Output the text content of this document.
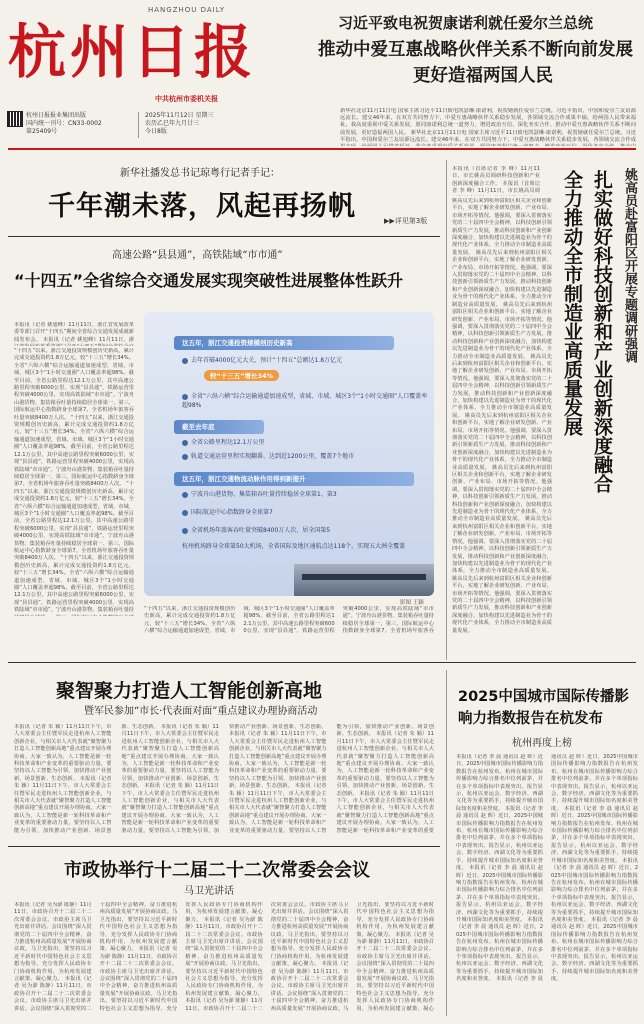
HANGZHOU DAILY
杭州日报
中共杭州市委机关报
习近平致电祝贺康诺利就任爱尔兰总统
推动中爱互惠战略伙伴关系不断向前发展
更好造福两国人民
杭州日报报业集团出版
国内统一刊号：CN33-0002
第25409号
2025年11月12日 星期三
农历乙巳年九月廿三
今日8版
新华社北京11月11日电 国家主席习近平11日致电凯瑟琳·康诺利，祝贺她就任爱尔兰总统。习近平指出，中国和爱尔兰友谊源远流长。建交46年来，在双方共同努力下，中爱互惠战略伙伴关系稳步发展，各领域交流合作成果丰硕，给两国人民带来福祉。我高度重视中爱关系发展，愿同康诺利总统一道努力，增进政治互信，深化务实合作，推动中爱互惠战略伙伴关系不断向前发展，更好造福两国人民。 新华社北京11月11日电 国家主席习近平11日致电凯瑟琳·康诺利，祝贺她就任爱尔兰总统。习近平指出，中国和爱尔兰友谊源远流长。建交46年来，在双方共同努力下，中爱互惠战略伙伴关系稳步发展，各领域交流合作成
新华社播发总书记琼粤行记者手记：
千年潮未落，风起再扬帆	▶▶详见第3版
高速公路“县县通”，高铁陆域“市市通”
“十四五”全省综合交通发展实现突破性进展整体性跃升
本报讯（记者 姚旭峰）11月11日，浙江省发展改革委等部门召开“十四五”期间全省综合交通发展成就新闻发布会。 本报讯（记者 姚旭峰）11月11日，浙
“十四五”以来，浙江交通投资规模创历史新高，累计完成交通投资约1.8万亿元，较“十三五”增长34%。全省“六纵六横”综合运输通道加速成型，省域、市域、城区3个“1小时交通圈”人口覆盖率超98%。截至目前，全省公路里程达12.1万公里，其中高速公路里程突破6000公里，实现“县县通”，铁路运营里程突破4000公里，实现高铁陆域“市市通”。宁波舟山港货物、集装箱吞吐量持续稳居全球第一、第三，国际航运中心指数跻身全球第7。全省机场年旅客吞吐量突破8400万人次。 “十四五”以来，浙江交通投资规模创历史新高，累计完成交通投资约1.8万亿元，较“十三五”增长34%。全省“六纵六横”综合运输通道加速成型，省域、市域、城区3个“1小时交通圈”人口覆盖率超98%。截至目前，全省公路里程达12.1万公里，其中高速公路里程突破6000公里，实现“县县通”，铁路运营里程突破4000公里，实现高铁陆域“市市通”。宁波舟山港货物、集装箱吞吐量持续稳居全球第一、第三，国际航运中心指数跻身全球第7。全省机场年旅客吞吐量突破8400万人次。 “十四五”以来，浙江交通投资规模创历史新高，累计完成交通投资约1.8万亿元，较“十三五”增长34%。全省“六纵六横”综合运输通道加速成型，省域、市域、城区3个“1小时交通圈”人口覆盖率超98%。截至目前，全省公路里程达12.1万公里，其中高速公路里程突破6000公里，实现“县县通”，铁路运营里程突破4000公里，实现高铁陆域“市市通”。宁波舟山港货物、集装箱吞吐量持续稳居全球第一、第三，国际航运中心指数跻身全球第7。全省机场年旅客吞吐量突破8400万人次。 “十四五”以来，浙江交通投资规模创历史新高，累计完成交通投资约1.8万亿元，较“十三五”增长34%。全省“六纵六横”综合运输通道加速成型，省域、市域、城区3个“1小时交通圈”人口覆盖率超98%。截至目前，全省公路里程达12.1万公里，其中高速公路里程突破6000公里，实现“县县通”，铁路运营里程突破4000公里，实现高铁陆域“市市通”。宁波舟山港货物、集装箱吞吐量持
这五年，浙江交通投资规模创历史新高
去年首破4000亿元大关，预计“十四五”总额达1.8万亿元
较“十三五”增长34%
全省“六纵六横”综合运输通道加速成型，省域、市域、城区3个“1小时交通圈”人口覆盖率超98%
截至去年底
全省公路里程达12.1万公里
轨道交通运营里程实现翻番、达到近1200公里，覆盖7个地市
这五年，浙江交通物流动脉作用得到新提升
宁波舟山港货物、集装箱吞吐量持续稳居全球第1、第3
国际航运中心指数跻身全球第7
全省机场年旅客吞吐量突破8400万人次，居全国第5
杭州机场跻身全球第50大机场，全省国际及地区通航点达118个，实现五大洲全覆盖
影图 王颖
“十四五”以来，浙江交通投资规模创历史新高，累计完成交通投资约1.8万亿元，较“十三五”增长34%。全省“六纵六横”综合运输通道加速成型，省域、市域、城区3个“1小时交通圈”人口覆盖率超98%。截至目前，全省公路里程达12.1万公里，其中高速公路里程突破6000公里，实现“县县通”，铁路运营里程突破4000公里，实现高铁陆域“市市通”。宁波舟山港货物、集装箱吞吐量持续稳居全球第一、第三，国际航运中心指数跻身全球第7。全省机场年旅客吞
本报讯（首席记者 李 峰）11月11日，市长姚高员调研科技创新和产业创新深度融合工作。 本报讯（首席记者 李 峰）11月11日，市长姚高员调	姚高员赴富阳区开展专题调研强调
扎实做好科技创新和产业创新深度融合
全力推动全市制造业高质量发展
姚高员先后来到杭州富阳区相关企业和创新平台，实地了解企业研发创新、产业布局、市场开拓等情况。他强调，要深入贯彻落实党的二十届四中全会精神，以科技创新引领新质生产力发展，推动科技创新和产业创新深度融合，加快构建以先进制造业为骨干的现代化产业体系，全力推动全市制造业高质量发展。 姚高员先后来到杭州富阳区相关企业和创新平台，实地了解企业研发创新、产业布局、市场开拓等情况。他强调，要深入贯彻落实党的二十届四中全会精神，以科技创新引领新质生产力发展，推动科技创新和产业创新深度融合，加快构建以先进制造业为骨干的现代化产业体系，全力推动全市制造业高质量发展。 姚高员先后来到杭州富阳区相关企业和创新平台，实地了解企业研发创新、产业布局、市场开拓等情况。他强调，要深入贯彻落实党的二十届四中全会精神，以科技创新引领新质生产力发展，推动科技创新和产业创新深度融合，加快构建以先进制造业为骨干的现代化产业体系，全力推动全市制造业高质量发展。 姚高员先后来到杭州富阳区相关企业和创新平台，实地了解企业研发创新、产业布局、市场开拓等情况。他强调，要深入贯彻落实党的二十届四中全会精神，以科技创新引领新质生产力发展，推动科技创新和产业创新深度融合，加快构建以先进制造业为骨干的现代化产业体系，全力推动全市制造业高质量发展。 姚高员先后来到杭州富阳区相关企业和创新平台，实地了解企业研发创新、产业布局、市场开拓等情况。他强调，要深入贯彻落实党的二十届四中全会精神，以科技创新引领新质生产力发展，推动科技创新和产业创新深度融合，加快构建以先进制造业为骨干的现代化产业体系，全力推动全市制造业高质量发展。 姚高员先后来到杭州富阳区相关企业和创新平台，实地了解企业研发创新、产业布局、市场开拓等情况。他强调，要深入贯彻落实党的二十届四中全会精神，以科技创新引领新质生产力发展，推动科技创新和产业创新深度融合，加快构建以先进制造业为骨干的现代化产业体系，全力推动全市制造业高质量发展。 姚高员先后来到杭州富阳区相关企业和创新平台，实地了解企业研发创新、产业布局、市场开拓等情况。他强调，要深入贯彻落实党的二十届四中全会精神，以科技创新引领新质生产力发展，推动科技创新和产业创新深度融合，加快构建以先进制造业为骨干的现代化产业体系，全力推动全市制造业高质量发展。 姚高员先后来到杭州富阳区相关企业和创新平台，实地了解企业研发创新、产业布局、市场开拓等情况。他强调，要深入贯彻落实党的二十届四中全会精神，以科技创新引领新质生产力发展，推动科技创新和产业创新深度融合，加快构建以先进制造业为骨干的现代化产业体系，全力推动全市制造业高质量发展。
聚智聚力打造人工智能创新高地
暨军民参加“市长·代表面对面”重点建议办理协商活动
本报讯（记者 朱 颖）11月11日下午，市人大常委会主任暨军民走进杭州人工智能创新企业，与相关市人大代表就“聚智聚力打造人工智能创新高地”重点建议开展办理协商。大家一致认为，人工智能是新一轮科技革命和产业变革的重要驱动力量，要坚持以人工智能为引领，加快推动产业创新、场景创新、生态创新。 本报讯（记者 朱 颖）11月11日下午，市人大常委会主任暨军民走进杭州人工智能创新企业，与相关市人大代表就“聚智聚力打造人工智能创新高地”重点建议开展办理协商。大家一致认为，人工智能是新一轮科技革命和产业变革的重要驱动力量，要坚持以人工智能为引领，加快推动产业创新、场景创新、生态创新。 本报讯（记者 朱 颖）11月11日下午，市人大常委会主任暨军民走进杭州人工智能创新企业，与相关市人大代表就“聚智聚力打造人工智能创新高地”重点建议开展办理协商。大家一致认为，人工智能是新一轮科技革命和产业变革的重要驱动力量，要坚持以人工智能为引领，加快推动产业创新、场景创新、生态创新。 本报讯（记者 朱 颖）11月11日下午，市人大常委会主任暨军民走进杭州人工智能创新企业，与相关市人大代表就“聚智聚力打造人工智能创新高地”重点建议开展办理协商。大家一致认为，人工智能是新一轮科技革命和产业变革的重要驱动力量，要坚持以人工智能为引领，加快推动产业创新、场景创新、生态创新。 本报讯（记者 朱 颖）11月11日下午，市人大常委会主任暨军民走进杭州人工智能创新企业，与相关市人大代表就“聚智聚力打造人工智能创新高地”重点建议开展办理协商。大家一致认为，人工智能是新一轮科技革命和产业变革的重要驱动力量，要坚持以人工智能为引领，加快推动产业创新、场景创新、生态创新。 本报讯（记者 朱 颖）11月11日下午，市人大常委会主任暨军民走进杭州人工智能创新企业，与相关市人大代表就“聚智聚力打造人工智能创新高地”重点建议开展办理协商。大家一致认为，人工智能是新一轮科技革命和产业变革的重要驱动力量，要坚持以人工智能为引领，加快推动产业创新、场景创新、生态创新。 本报讯（记者 朱 颖）11月11日下午，市人大常委会主任暨军民走进杭州人工智能创新企业，与相关市人大代表就“聚智聚力打造人工智能创新高地”重点建议开展办理协商。大家一致认为，人工智能是新一轮科技革命和产业变革的重要驱动力量，要坚持以人工智能为引领，加快推动产业创新、场景创新、生态创新。 本报讯（记者 朱 颖）11月11日下午，市人大常委会主任暨军民走进杭州人工智能创新企业，与相关市人大代表就“聚智聚力打造人工智能创新高地”重点建议开展办理协商。大家一致认为，人工智能是新一轮科技革命和产业变革的重要
2025中国城市国际传播影响力指数报告在杭发布
杭州再度上榜
本报讯（记者 李 晨 通讯员 赵 晖）近日，2025中国城市国际传播影响力指数报告在杭州发布。杭州在城市国际传播影响力综合排名中位列前茅，并在多个单项指标中表现突出。报告显示，杭州以亚运会、数字经济、西湖文化等为重要抓手，持续提升城市国际知名度和美誉度。 本报讯（记者 李 晨 通讯员 赵 晖）近日，2025中国城市国际传播影响力指数报告在杭州发布。杭州在城市国际传播影响力综合排名中位列前茅，并在多个单项指标中表现突出。报告显示，杭州以亚运会、数字经济、西湖文化等为重要抓手，持续提升城市国际知名度和美誉度。 本报讯（记者 李 晨 通讯员 赵 晖）近日，2025中国城市国际传播影响力指数报告在杭州发布。杭州在城市国际传播影响力综合排名中位列前茅，并在多个单项指标中表现突出。报告显示，杭州以亚运会、数字经济、西湖文化等为重要抓手，持续提升城市国际知名度和美誉度。 本报讯（记者 李 晨 通讯员 赵 晖）近日，2025中国城市国际传播影响力指数报告在杭州发布。杭州在城市国际传播影响力综合排名中位列前茅，并在多个单项指标中表现突出。报告显示，杭州以亚运会、数字经济、西湖文化等为重要抓手，持续提升城市国际知名度和美誉度。 本报讯（记者 李 晨 通讯员 赵 晖）近日，2025中国城市国际传播影响力指数报告在杭州发布。杭州在城市国际传播影响力综合排名中位列前茅，并在多个单项指标中表现突出。报告显示，杭州以亚运会、数字经济、西湖文化等为重要抓手，持续提升城市国际知名度和美誉度。 本报讯（记者 李 晨 通讯员 赵 晖）近日，2025中国城市国际传播影响力指数报告在杭州发布。杭州在城市国际传播影响力综合排名中位列前茅，并在多个单项指标中表现突出。报告显示，杭州以亚运会、数字经济、西湖文化等为重要抓手，持续提升城市国际知名度和美誉度。 本报讯（记者 李 晨 通讯员 赵 晖）近日，2025中国城市国际传播影响力指数报告在杭州发布。杭州在城市国际传播影响力综合排名中位列前茅，并在多个单项指标中表现突出。报告显示，杭州以亚运会、数字经济、西湖文化等为重要抓手，持续提升城市国际知名度和美誉度。 本报讯（记者 李 晨 通讯员 赵 晖）近日，2025中国城市国际传播影响力指数报告在杭州发布。杭州在城市国际传播影响力综合排名中位列前茅，并在多个单项指标中表现突出。报告显示，杭州以亚运会、数字经济、西湖文化等为重要抓手，持续提升城市国际知名度和美誉度。
市政协举行十二届二十二次常委会会议
马卫光讲话
本报讯（记者 吴为澎 陈静）11月11日，市政协召开十二届二十二次常委会会议。市政协主席马卫光出席并讲话。会议围绕“深入贯彻党的二十届四中全会精神，奋力推进杭州高质量发展”开展协商议政。马卫光指出，要坚持以习近平新时代中国特色社会主义思想为指导，充分发挥人民政协专门协商机构作用，为杭州发展建言献策、凝心聚力。 本报讯（记者 吴为澎 陈静）11月11日，市政协召开十二届二十二次常委会会议。市政协主席马卫光出席并讲话。会议围绕“深入贯彻党的二十届四中全会精神，奋力推进杭州高质量发展”开展协商议政。马卫光指出，要坚持以习近平新时代中国特色社会主义思想为指导，充分发挥人民政协专门协商机构作用，为杭州发展建言献策、凝心聚力。 本报讯（记者 吴为澎 陈静）11月11日，市政协召开十二届二十二次常委会会议。市政协主席马卫光出席并讲话。会议围绕“深入贯彻党的二十届四中全会精神，奋力推进杭州高质量发展”开展协商议政。马卫光指出，要坚持以习近平新时代中国特色社会主义思想为指导，充分发挥人民政协专门协商机构作用，为杭州发展建言献策、凝心聚力。 本报讯（记者 吴为澎 陈静）11月11日，市政协召开十二届二十二次常委会会议。市政协主席马卫光出席并讲话。会议围绕“深入贯彻党的二十届四中全会精神，奋力推进杭州高质量发展”开展协商议政。马卫光指出，要坚持以习近平新时代中国特色社会主义思想为指导，充分发挥人民政协专门协商机构作用，为杭州发展建言献策、凝心聚力。 本报讯（记者 吴为澎 陈静）11月11日，市政协召开十二届二十二次常委会会议。市政协主席马卫光出席并讲话。会议围绕“深入贯彻党的二十届四中全会精神，奋力推进杭州高质量发展”开展协商议政。马卫光指出，要坚持以习近平新时代中国特色社会主义思想为指导，充分发挥人民政协专门协商机构作用，为杭州发展建言献策、凝心聚力。 本报讯（记者 吴为澎 陈静）11月11日，市政协召开十二届二十二次常委会会议。市政协主席马卫光出席并讲话。会议围绕“深入贯彻党的二十届四中全会精神，奋力推进杭州高质量发展”开展协商议政。马卫光指出，要坚持以习近平新时代中国特色社会主义思想为指导，充分发挥人民政协专门协商机构作用，为杭州发展建言献策、凝心聚力。 本报讯（记者 吴为澎 陈静）11月11日，市政协召开十二届二十二次常委会会议。市政协主席马卫光出席并讲话。会议围绕“深入贯彻党的二十届四中全会精神，奋力推进杭州高质量发展”开展协商议政。马卫光指出，要坚持以习近平新时代中国特色社会主义思想为指导，充分发挥人民政协专门协商机构作用，为杭州发展建言献策、凝心
